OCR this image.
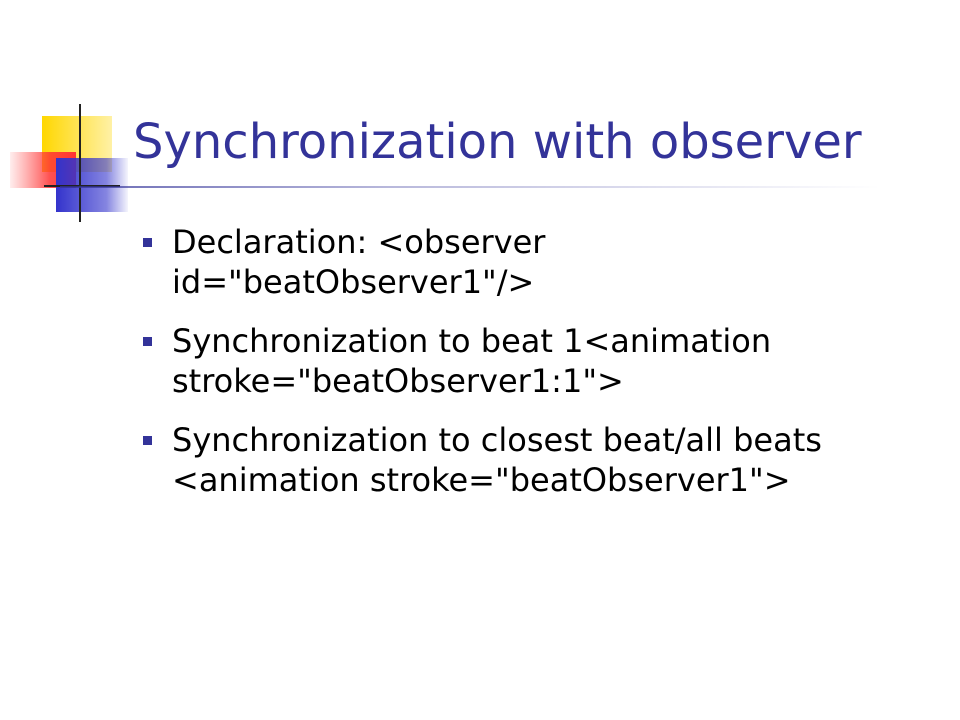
Synchronization with observer
Declaration: <observer
id="beatObserver1"/>
Synchronization to beat 1<animation
stroke="beatObserver1:1">
Synchronization to closest beat/all beats
<animation stroke="beatObserver1">
